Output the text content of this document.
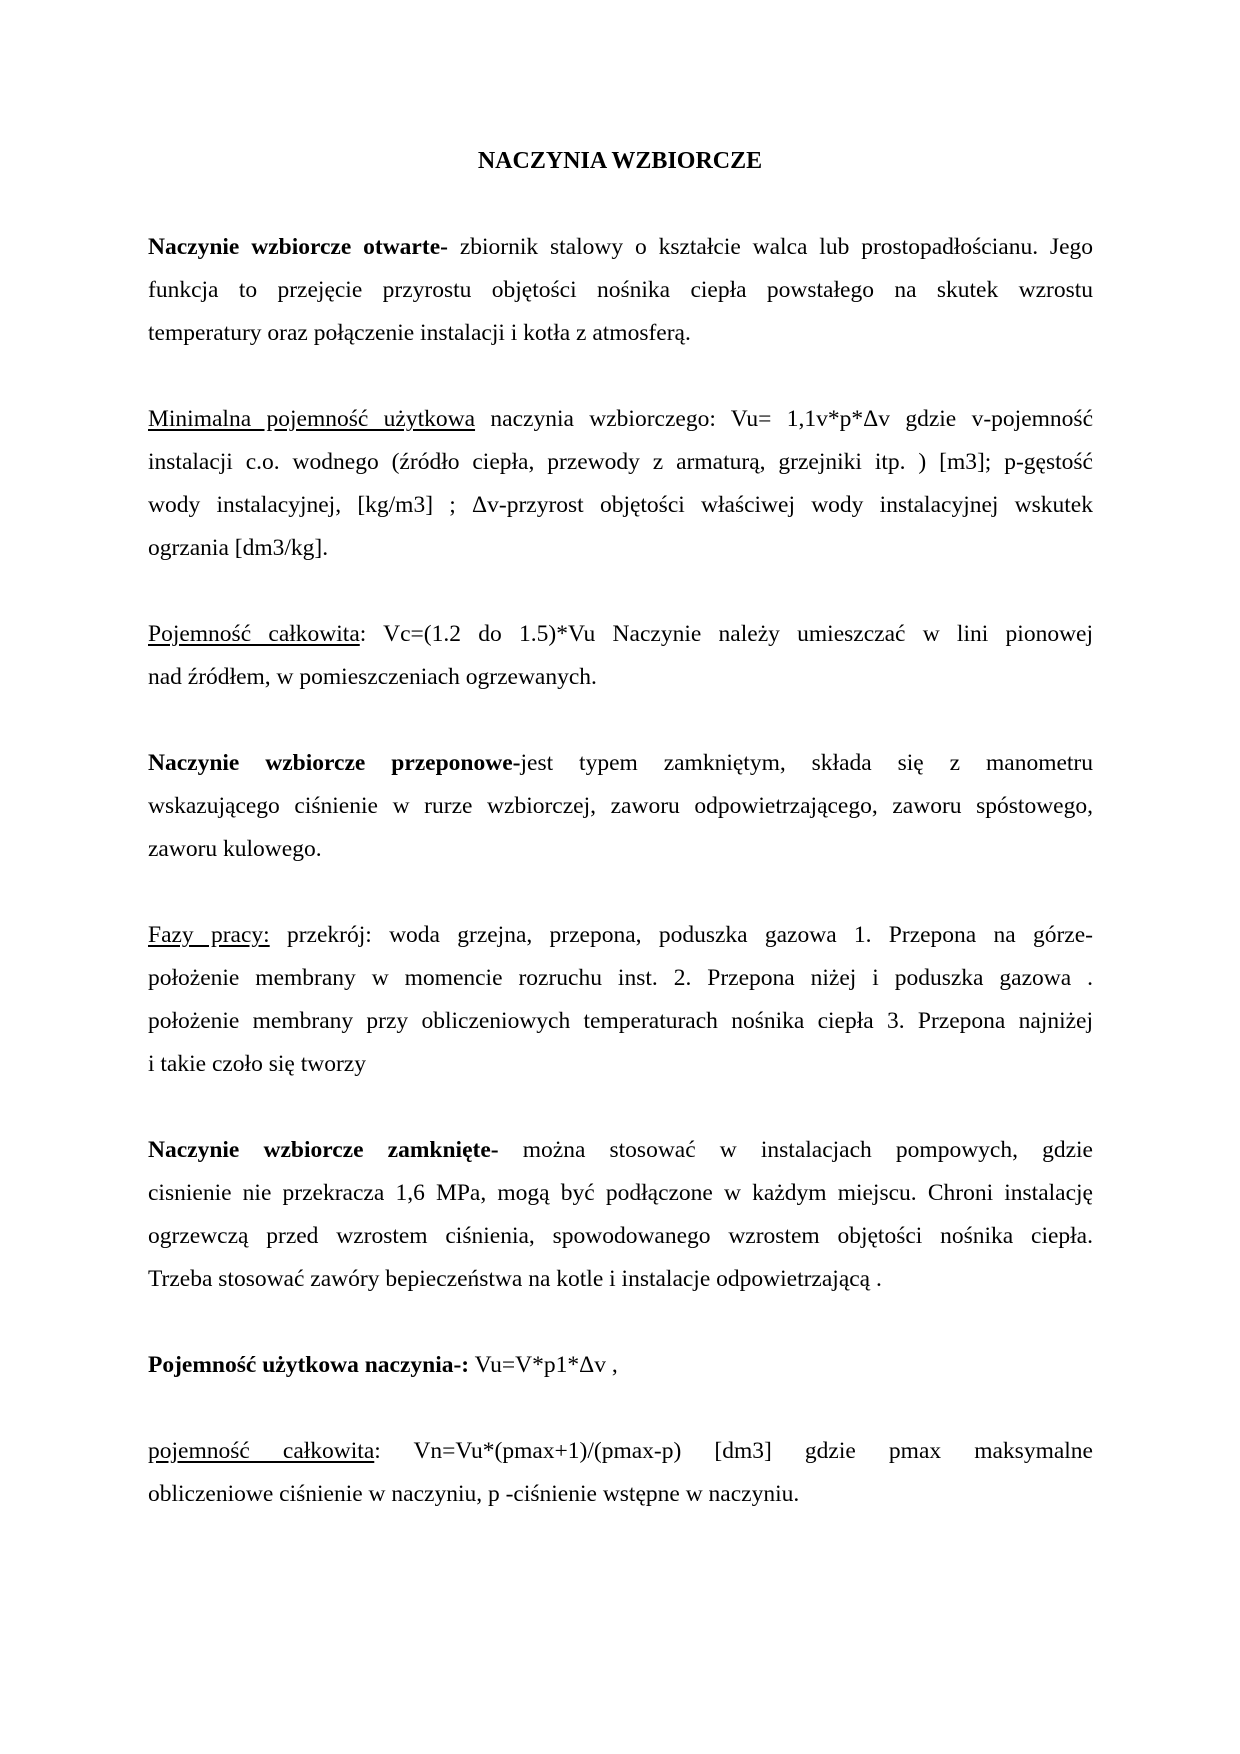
NACZYNIA WZBIORCZE
Naczynie wzbiorcze otwarte- zbiornik stalowy o kształcie walca lub prostopadłościanu. Jego
funkcja to przejęcie przyrostu objętości nośnika ciepła powstałego na skutek wzrostu
temperatury oraz połączenie instalacji i kotła z atmosferą.
Minimalna pojemność użytkowa naczynia wzbiorczego: Vu= 1,1v*p*Δv gdzie v-pojemność
instalacji c.o. wodnego (źródło ciepła, przewody z armaturą, grzejniki itp. ) [m3]; p-gęstość
wody instalacyjnej, [kg/m3] ; Δv-przyrost objętości właściwej wody instalacyjnej wskutek
ogrzania [dm3/kg].
Pojemność całkowita: Vc=(1.2 do 1.5)*Vu Naczynie należy umieszczać w lini pionowej
nad źródłem, w pomieszczeniach ogrzewanych.
Naczynie wzbiorcze przeponowe-jest typem zamkniętym, składa się z manometru
wskazującego ciśnienie w rurze wzbiorczej, zaworu odpowietrzającego, zaworu spóstowego,
zaworu kulowego.
Fazy pracy: przekrój: woda grzejna, przepona, poduszka gazowa 1. Przepona na górze-
położenie membrany w momencie rozruchu inst. 2. Przepona niżej i poduszka gazowa .
położenie membrany przy obliczeniowych temperaturach nośnika ciepła 3. Przepona najniżej
i takie czoło się tworzy
Naczynie wzbiorcze zamknięte- można stosować w instalacjach pompowych, gdzie
cisnienie nie przekracza 1,6 MPa, mogą być podłączone w każdym miejscu. Chroni instalację
ogrzewczą przed wzrostem ciśnienia, spowodowanego wzrostem objętości nośnika ciepła.
Trzeba stosować zawóry bepieczeństwa na kotle i instalacje odpowietrzającą .
Pojemność użytkowa naczynia-: Vu=V*p1*Δv ,
pojemność całkowita: Vn=Vu*(pmax+1)/(pmax-p) [dm3] gdzie pmax maksymalne
obliczeniowe ciśnienie w naczyniu, p -ciśnienie wstępne w naczyniu.
